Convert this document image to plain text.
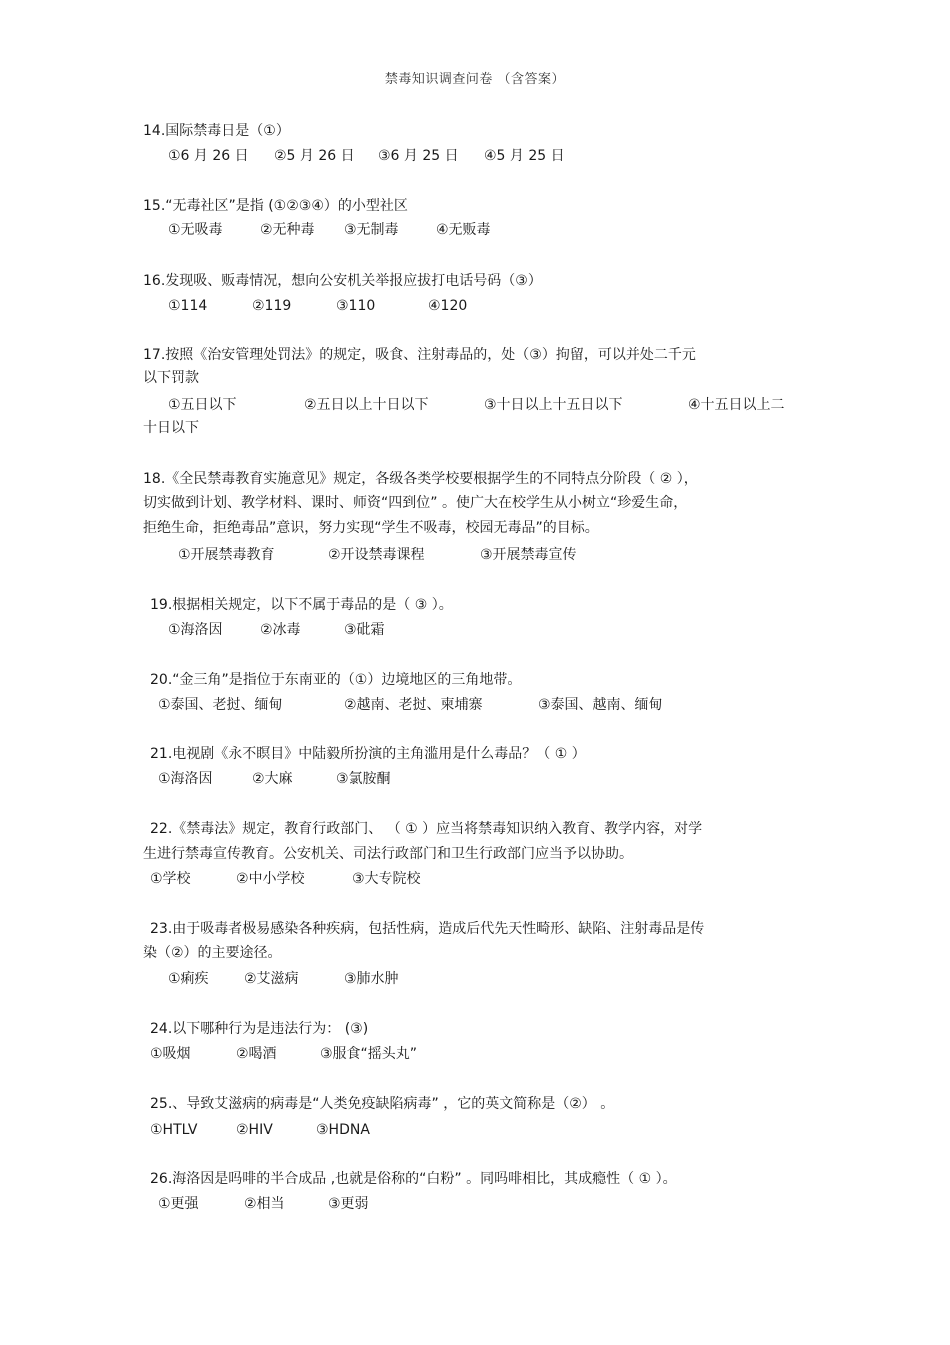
禁毒知识调查问卷 （含答案）
14.国际禁毒日是（①）
①6 月 26 日 ②5 月 26 日 ③6 月 25 日 ④5 月 25 日
15.“无毒社区”是指 (①②③④）的小型社区
①无吸毒	②无种毒 ③无制毒	④无贩毒
16.发现吸、贩毒情况，想向公安机关举报应拔打电话号码（③）
①114	②119	③110	④120
17.按照《治安管理处罚法》的规定，吸食、注射毒品的，处（③）拘留，可以并处二千元
以下罚款
①五日以下	②五日以上十日以下	③十日以上十五日以下	④十五日以上二
十日以下
18.《全民禁毒教育实施意见》规定，各级各类学校要根据学生的不同特点分阶段（ ② ），
切实做到计划、教学材料、课时、师资“四到位” 。使广大在校学生从小树立“珍爱生命，
拒绝生命，拒绝毒品”意识，努力实现“学生不吸毒，校园无毒品”的目标。
①开展禁毒教育	②开设禁毒课程	③开展禁毒宣传
19.根据相关规定，以下不属于毒品的是（ ③ ）。
①海洛因	②冰毒	③砒霜
20.“金三角”是指位于东南亚的（①）边境地区的三角地带。
①泰国、老挝、缅甸	②越南、老挝、柬埔寨	③泰国、越南、缅甸
21.电视剧《永不瞑目》中陆毅所扮演的主角滥用是什么毒品？（ ① ）
①海洛因	②大麻	③氯胺酮
22.《禁毒法》规定，教育行政部门、 （ ① ）应当将禁毒知识纳入教育、教学内容，对学
生进行禁毒宣传教育。公安机关、司法行政部门和卫生行政部门应当予以协助。
①学校	②中小学校	③大专院校
23.由于吸毒者极易感染各种疾病，包括性病，造成后代先天性畸形、缺陷、注射毒品是传
染（②）的主要途径。
①痢疾	②艾滋病	③肺水肿
24.以下哪种行为是违法行为： (③)
①吸烟	②喝酒	③服食“摇头丸”
25.、导致艾滋病的病毒是“人类免疫缺陷病毒” ，它的英文简称是（②） 。
①HTLV	②HIV	③HDNA
26.海洛因是吗啡的半合成品 ,也就是俗称的“白粉” 。同吗啡相比，其成瘾性（ ① ）。
①更强	②相当	③更弱
